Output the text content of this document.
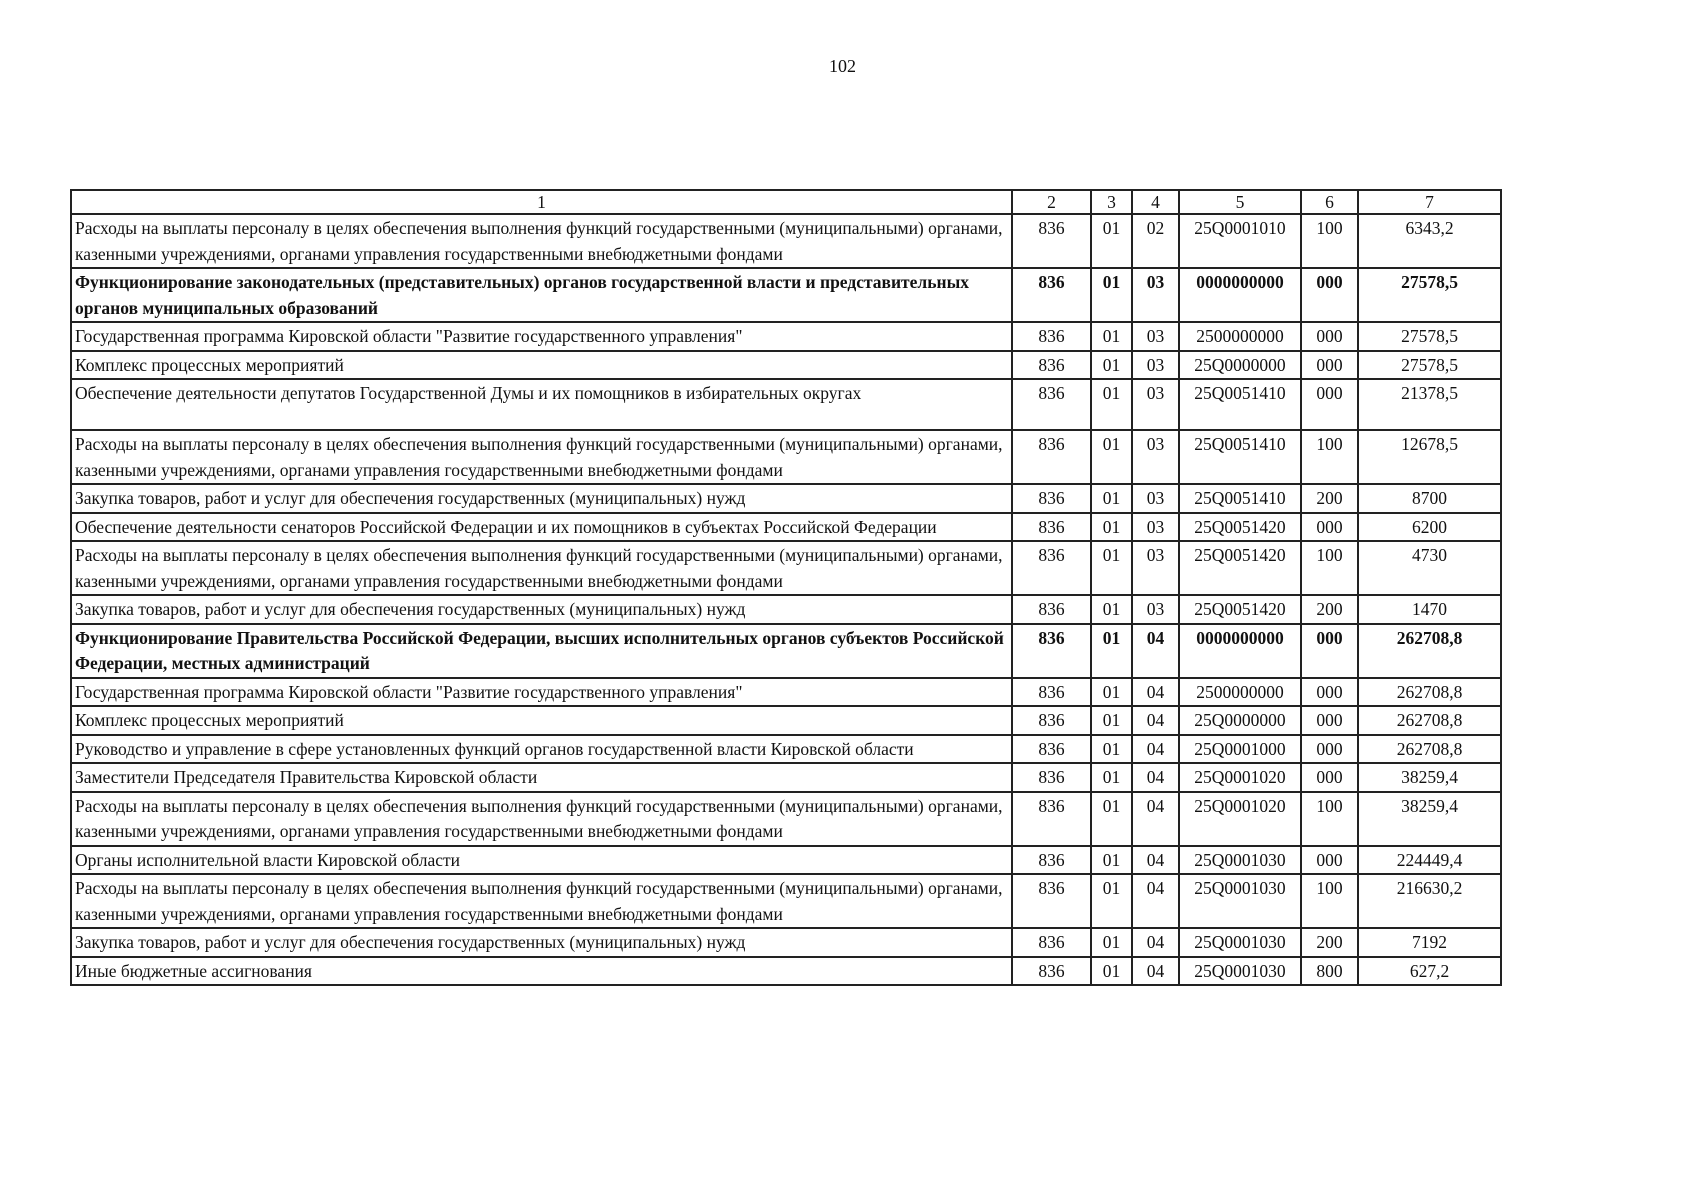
102
1	2	3	4	5	6	7
Расходы на выплаты персоналу в целях обеспечения выполнения функций государственными (муниципальными) органами, казенными учреждениями, органами управления государственными внебюджетными фондами	836	01	02	25Q0001010	100	6343,2
Функционирование законодательных (представительных) органов государственной власти и представительных органов муниципальных образований	836	01	03	0000000000	000	27578,5
Государственная программа Кировской области "Развитие государственного управления"	836	01	03	2500000000	000	27578,5
Комплекс процессных мероприятий	836	01	03	25Q0000000	000	27578,5
Обеспечение деятельности депутатов Государственной Думы и их помощников в избирательных округах	836	01	03	25Q0051410	000	21378,5
Расходы на выплаты персоналу в целях обеспечения выполнения функций государственными (муниципальными) органами, казенными учреждениями, органами управления государственными внебюджетными фондами	836	01	03	25Q0051410	100	12678,5
Закупка товаров, работ и услуг для обеспечения государственных (муниципальных) нужд	836	01	03	25Q0051410	200	8700
Обеспечение деятельности сенаторов Российской Федерации и их помощников в субъектах Российской Федерации	836	01	03	25Q0051420	000	6200
Расходы на выплаты персоналу в целях обеспечения выполнения функций государственными (муниципальными) органами, казенными учреждениями, органами управления государственными внебюджетными фондами	836	01	03	25Q0051420	100	4730
Закупка товаров, работ и услуг для обеспечения государственных (муниципальных) нужд	836	01	03	25Q0051420	200	1470
Функционирование Правительства Российской Федерации, высших исполнительных органов субъектов Российской Федерации, местных администраций	836	01	04	0000000000	000	262708,8
Государственная программа Кировской области "Развитие государственного управления"	836	01	04	2500000000	000	262708,8
Комплекс процессных мероприятий	836	01	04	25Q0000000	000	262708,8
Руководство и управление в сфере установленных функций органов государственной власти Кировской области	836	01	04	25Q0001000	000	262708,8
Заместители Председателя Правительства Кировской области	836	01	04	25Q0001020	000	38259,4
Расходы на выплаты персоналу в целях обеспечения выполнения функций государственными (муниципальными) органами, казенными учреждениями, органами управления государственными внебюджетными фондами	836	01	04	25Q0001020	100	38259,4
Органы исполнительной власти Кировской области	836	01	04	25Q0001030	000	224449,4
Расходы на выплаты персоналу в целях обеспечения выполнения функций государственными (муниципальными) органами, казенными учреждениями, органами управления государственными внебюджетными фондами	836	01	04	25Q0001030	100	216630,2
Закупка товаров, работ и услуг для обеспечения государственных (муниципальных) нужд	836	01	04	25Q0001030	200	7192
Иные бюджетные ассигнования	836	01	04	25Q0001030	800	627,2
